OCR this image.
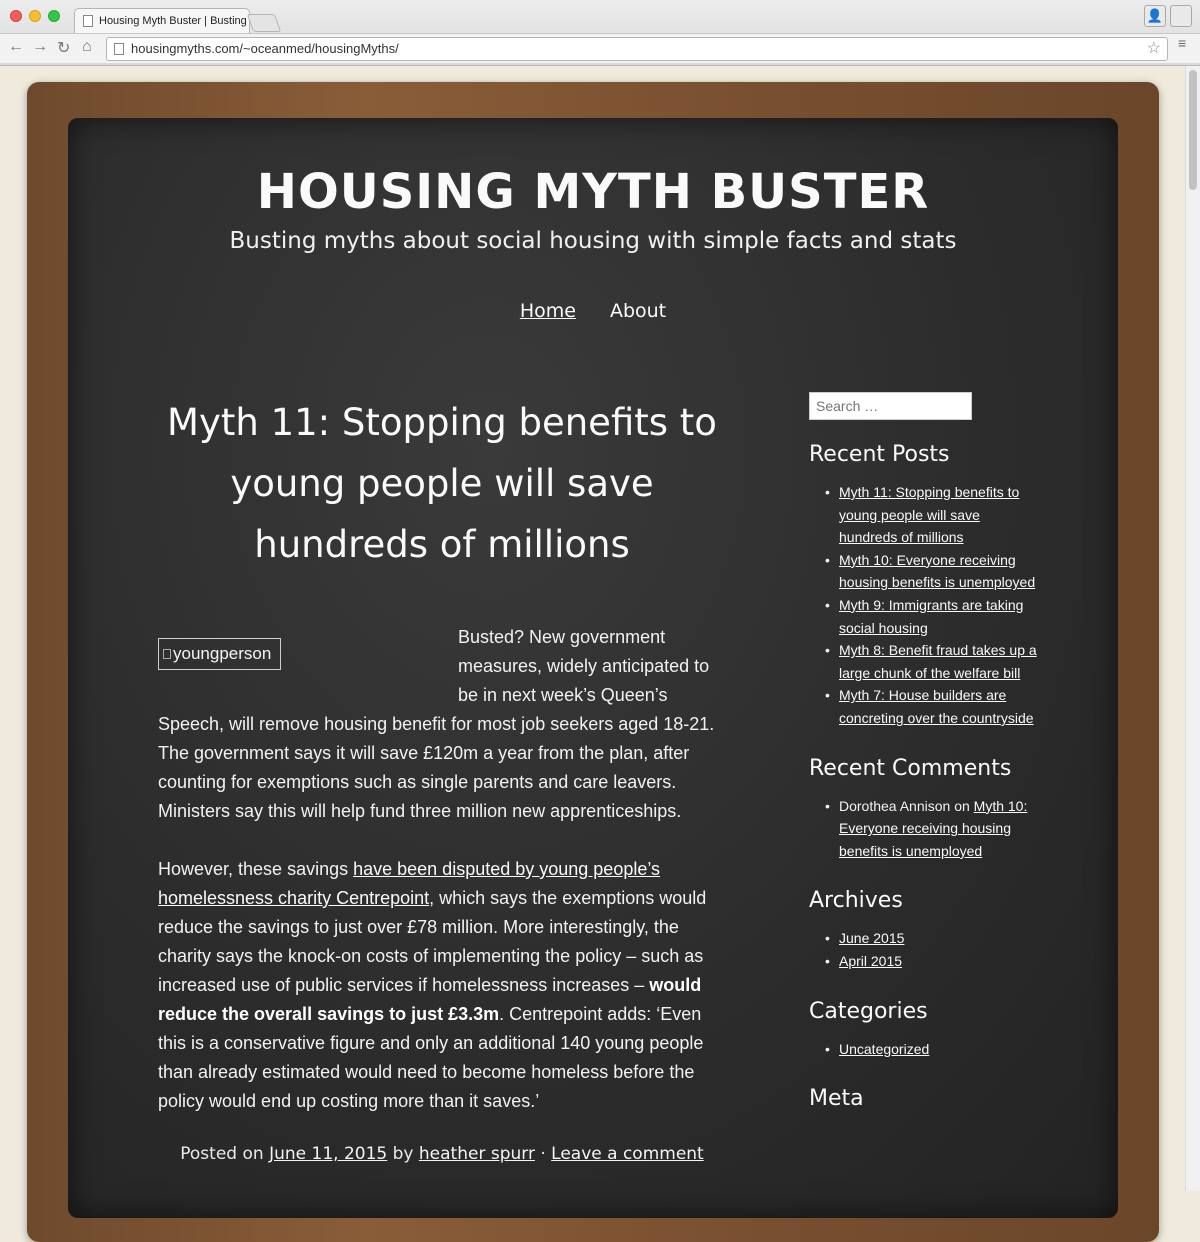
Housing Myth Buster | Busting	👤
← → ↻ ⌂	housingmyths.com/~oceanmed/housingMyths/	☆ ≡
HOUSING MYTH BUSTER
Busting myths about social housing with simple facts and stats
Home About
Myth 11: Stopping benefits to young people will save hundreds of millions

Busted? New government measures, widely anticipated to be in next week’s Queen’s Speech, will remove housing benefit for most job seekers aged 18-21. The government says it will save £120m a year from the plan, after counting for exemptions such as single parents and care leavers. Ministers say this will help fund three million new apprenticeships.

However, these savings have been disputed by young people’s homelessness charity Centrepoint, which says the exemptions would reduce the savings to just over £78 million. More interestingly, the charity says the knock-on costs of implementing the policy – such as increased use of public services if homelessness increases – would reduce the overall savings to just £3.3m. Centrepoint adds: ‘Even this is a conservative figure and only an additional 140 young people than already estimated would need to become homeless before the policy would end up costing more than it saves.’

youngperson
Posted on June 11, 2015 by heather spurr · Leave a comment
Search …
Recent Posts
• Myth 11: Stopping benefits to young people will save hundreds of millions
• Myth 10: Everyone receiving housing benefits is unemployed
• Myth 9: Immigrants are taking social housing
• Myth 8: Benefit fraud takes up a large chunk of the welfare bill
• Myth 7: House builders are concreting over the countryside
Recent Comments
• Dorothea Annison on Myth 10: Everyone receiving housing benefits is unemployed
Archives
• June 2015
• April 2015
Categories
• Uncategorized
Meta
